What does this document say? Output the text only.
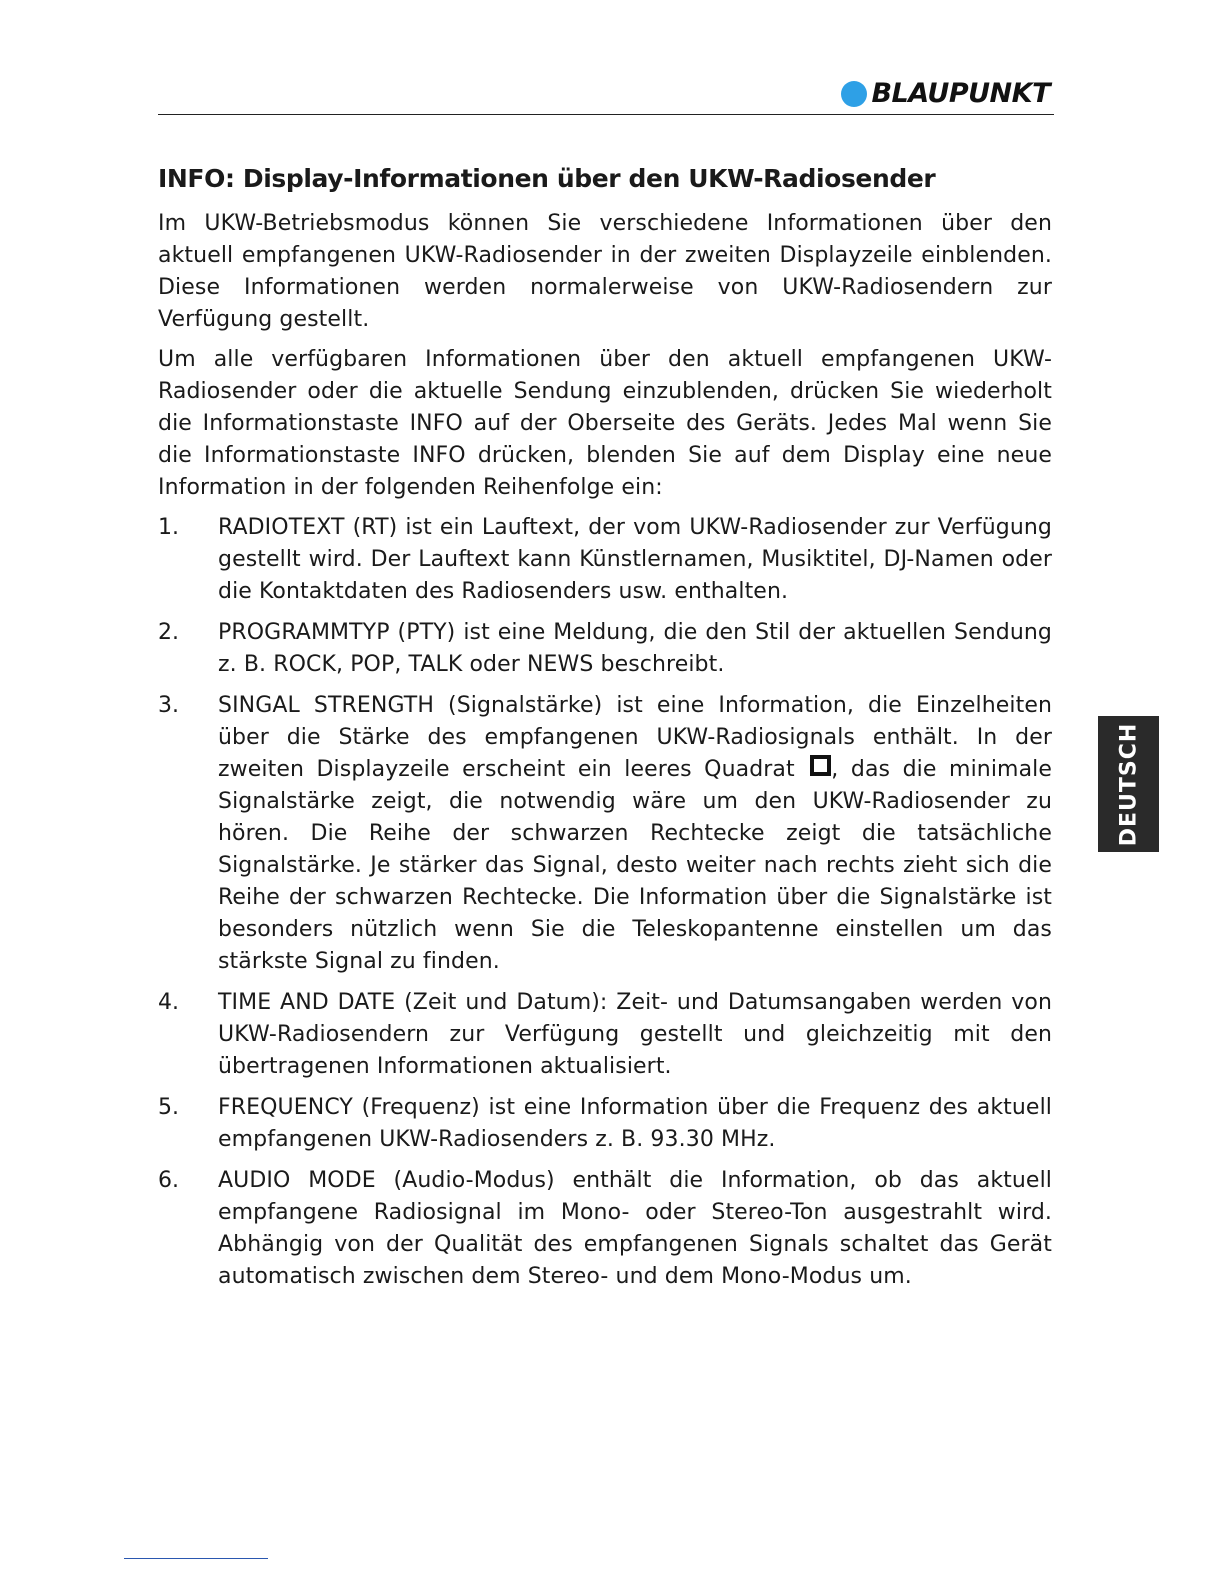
BLAUPUNKT
INFO: Display-Informationen über den UKW-Radiosender

Im UKW-Betriebsmodus können Sie verschiedene Informationen über den aktuell empfangenen UKW-Radiosender in der zweiten Displayzeile einblenden. Diese Informationen werden normalerweise von UKW-Radiosendern zur Verfügung gestellt.

Um alle verfügbaren Informationen über den aktuell empfangenen UKW-Radiosender oder die aktuelle Sendung einzublenden, drücken Sie wiederholt die Informationstaste INFO auf der Oberseite des Geräts. Jedes Mal wenn Sie die Informationstaste INFO drücken, blenden Sie auf dem Display eine neue Information in der folgenden Reihenfolge ein:

1.	RADIOTEXT (RT) ist ein Lauftext, der vom UKW-Radiosender zur Verfügung gestellt wird. Der Lauftext kann Künstlernamen, Musiktitel, DJ-Namen oder die Kontaktdaten des Radiosenders usw. enthalten.
2.	PROGRAMMTYP (PTY) ist eine Meldung, die den Stil der aktuellen Sendung z. B. ROCK, POP, TALK oder NEWS beschreibt.
3.	SINGAL STRENGTH (Signalstärke) ist eine Information, die Einzelheiten über die Stärke des empfangenen UKW-Radiosignals enthält. In der zweiten Displayzeile erscheint ein leeres Quadrat , das die minimale Signalstärke zeigt, die notwendig wäre um den UKW-Radiosender zu hören. Die Reihe der schwarzen Rechtecke zeigt die tatsächliche Signalstärke. Je stärker das Signal, desto weiter nach rechts zieht sich die Reihe der schwarzen Rechtecke. Die Information über die Signalstärke ist besonders nützlich wenn Sie die Teleskopantenne einstellen um das stärkste Signal zu finden.
4.	TIME AND DATE (Zeit und Datum): Zeit- und Datumsangaben werden von UKW-Radiosendern zur Verfügung gestellt und gleichzeitig mit den übertragenen Informationen aktualisiert.
5.	FREQUENCY (Frequenz) ist eine Information über die Frequenz des aktuell empfangenen UKW-Radiosenders z. B. 93.30 MHz.
6.	AUDIO MODE (Audio-Modus) enthält die Information, ob das aktuell empfangene Radiosignal im Mono- oder Stereo-Ton ausgestrahlt wird. Abhängig von der Qualität des empfangenen Signals schaltet das Gerät automatisch zwischen dem Stereo- und dem Mono-Modus um.
DEUTSCH
